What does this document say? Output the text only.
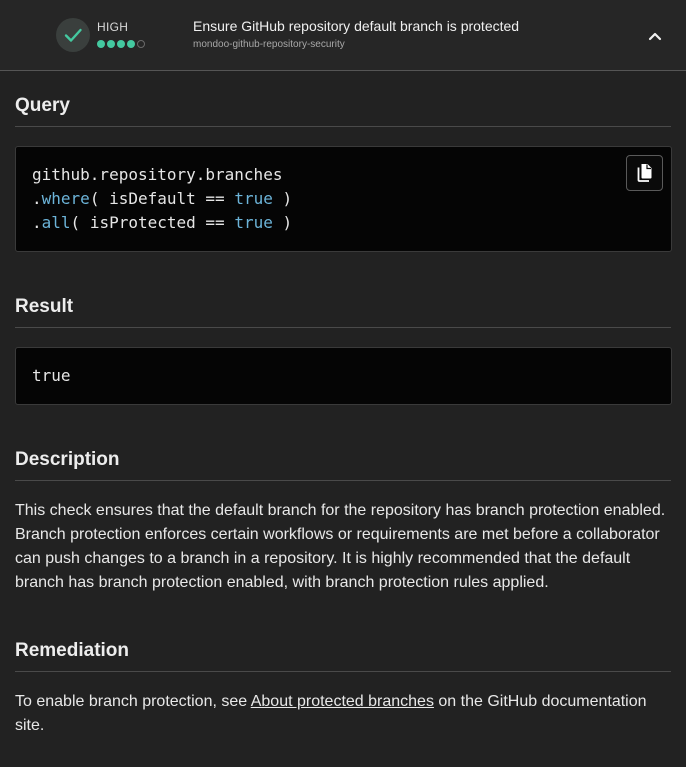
HIGH	Ensure GitHub repository default branch is protected
mondoo-github-repository-security
Query
github.repository.branches
.where( isDefault == true )
.all( isProtected == true )
Result
true
Description
This check ensures that the default branch for the repository has branch protection enabled. Branch protection enforces certain workflows or requirements are met before a collaborator can push changes to a branch in a repository. It is highly recommended that the default branch has branch protection enabled, with branch protection rules applied.
Remediation
To enable branch protection, see About protected branches on the GitHub documentation site.
